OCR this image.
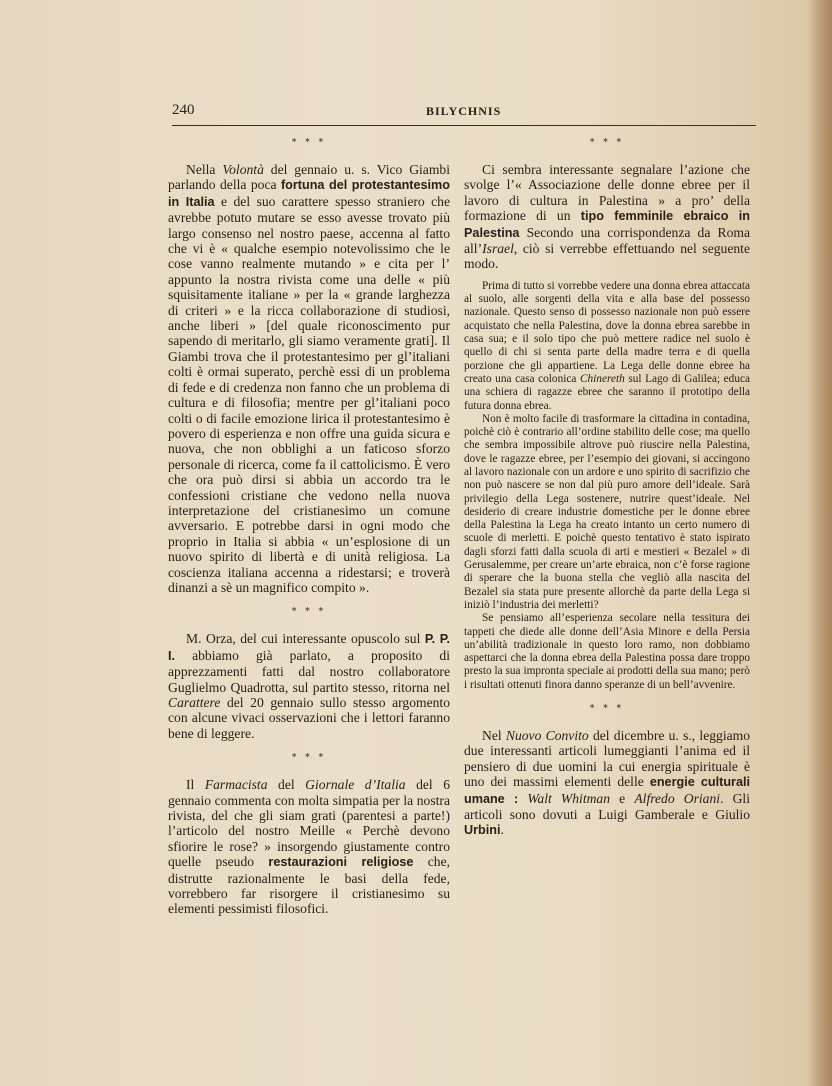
240	BILYCHNIS
* * *

Nella Volontà del gennaio u. s. Vico Giambi parlando della poca fortuna del protestantesimo in Italia e del suo carattere spesso straniero che avrebbe potuto mutare se esso avesse trovato più largo consenso nel nostro paese, accenna al fatto che vi è « qualche esempio notevolissimo che le cose vanno realmente mutando » e cita per l’ appunto la nostra rivista come una delle « più squisitamente italiane » per la « grande larghezza di criteri » e la ricca collaborazione di studiosi, anche liberi » [del quale riconoscimento pur sapendo di meritarlo, gli siamo veramente grati]. Il Giambi trova che il protestantesimo per gl’italiani colti è ormai superato, perchè essi di un problema di fede e di credenza non fanno che un problema di cultura e di filosofia; mentre per gl’italiani poco colti o di facile emozione lirica il protestantesimo è povero di esperienza e non offre una guida sicura e nuova, che non obblighi a un faticoso sforzo personale di ricerca, come fa il cattolicismo. È vero che ora può dirsi si abbia un accordo tra le confessioni cristiane che vedono nella nuova interpretazione del cristianesimo un comune avversario. E potrebbe darsi in ogni modo che proprio in Italia si abbia « un’esplosione di un nuovo spirito di libertà e di unità religiosa. La coscienza italiana accenna a ridestarsi; e troverà dinanzi a sè un magnifico compito ».

* * *

M. Orza, del cui interessante opuscolo sul P. P. I. abbiamo già parlato, a proposito di apprezzamenti fatti dal nostro collaboratore Guglielmo Quadrotta, sul partito stesso, ritorna nel Carattere del 20 gennaio sullo stesso argomento con alcune vivaci osservazioni che i lettori faranno bene di leggere.

* * *

Il Farmacista del Giornale d’Italia del 6 gennaio commenta con molta simpatia per la nostra rivista, del che gli siam grati (parentesi a parte!) l’articolo del nostro Meille « Perchè devono sfiorire le rose? » insorgendo giustamente contro quelle pseudo restaurazioni religiose che, distrutte razionalmente le basi della fede, vorrebbero far risorgere il cristianesimo su elementi pessimisti filosofici.

* * *

Ci sembra interessante segnalare l’azione che svolge l’« Associazione delle donne ebree per il lavoro di cultura in Palestina » a pro’ della formazione di un tipo femminile ebraico in Palestina Secondo una corrispondenza da Roma all’Israel, ciò si verrebbe effettuando nel seguente modo.

Prima di tutto si vorrebbe vedere una donna ebrea attaccata al suolo, alle sorgenti della vita e alla base del possesso nazionale. Questo senso di possesso nazionale non può essere acquistato che nella Palestina, dove la donna ebrea sarebbe in casa sua; e il solo tipo che può mettere radice nel suolo è quello di chi si senta parte della madre terra e di quella porzione che gli appartiene. La Lega delle donne ebree ha creato una casa colonica Chinereth sul Lago di Galilea; educa una schiera di ragazze ebree che saranno il prototipo della futura donna ebrea.

Non è molto facile di trasformare la cittadina in contadina, poichè ciò è contrario all’ordine stabilito delle cose; ma quello che sembra impossibile altrove può riuscire nella Palestina, dove le ragazze ebree, per l’esempio dei giovani, si accingono al lavoro nazionale con un ardore e uno spirito di sacrifizio che non può nascere se non dal più puro amore dell’ideale. Sarà privilegio della Lega sostenere, nutrire quest’ideale. Nel desiderio di creare industrie domestiche per le donne ebree della Palestina la Lega ha creato intanto un certo numero di scuole di merletti. E poichè questo tentativo è stato ispirato dagli sforzi fatti dalla scuola di arti e mestieri « Bezalel » di Gerusalemme, per creare un’arte ebraica, non c’è forse ragione di sperare che la buona stella che vegliò alla nascita del Bezalel sia stata pure presente allorchè da parte della Lega si iniziò l’industria dei merletti?

Se pensiamo all’esperienza secolare nella tessitura dei tappeti che diede alle donne dell’Asia Minore e della Persia un’abilità tradizionale in questo loro ramo, non dobbiamo aspettarci che la donna ebrea della Palestina possa dare troppo presto la sua impronta speciale ai prodotti della sua mano; però i risultati ottenuti finora danno speranze di un bell’avvenire.

* * *

Nel Nuovo Convito del dicembre u. s., leggiamo due interessanti articoli lumeggianti l’anima ed il pensiero di due uomini la cui energia spirituale è uno dei massimi elementi delle energie culturali umane : Walt Whitman e Alfredo Oriani. Gli articoli sono dovuti a Luigi Gamberale e Giulio Urbini.
